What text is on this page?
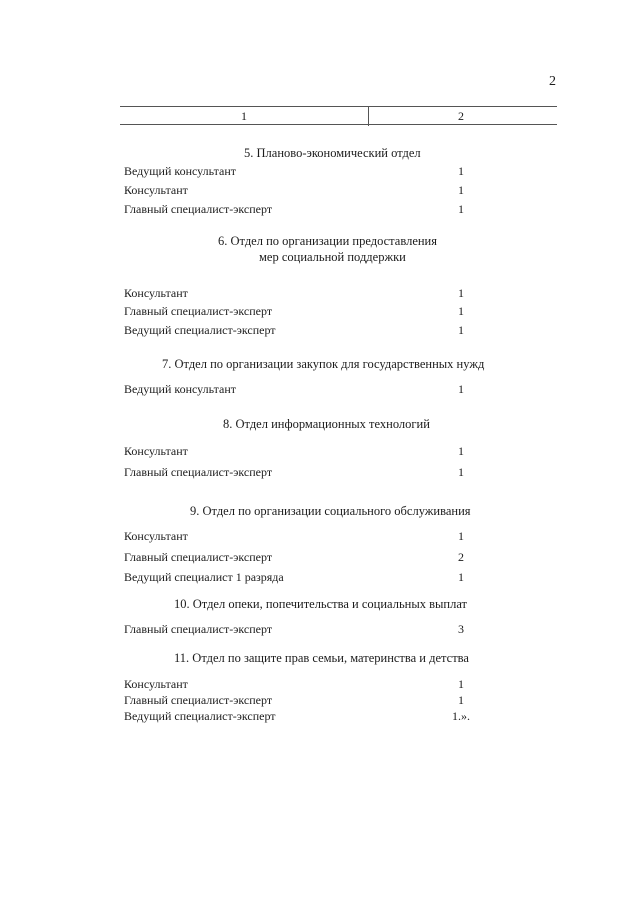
2
1	2
5. Планово-экономический отдел
Ведущий консультант	1
Консультант	1
Главный специалист-эксперт	1
6. Отдел по организации предоставления
мер социальной поддержки
Консультант	1
Главный специалист-эксперт	1
Ведущий специалист-эксперт	1
7. Отдел по организации закупок для государственных нужд
Ведущий консультант	1
8. Отдел информационных технологий
Консультант	1
Главный специалист-эксперт	1
9. Отдел по организации социального обслуживания
Консультант	1
Главный специалист-эксперт	2
Ведущий специалист 1 разряда	1
10. Отдел опеки, попечительства и социальных выплат
Главный специалист-эксперт	3
11. Отдел по защите прав семьи, материнства и детства
Консультант	1
Главный специалист-эксперт	1
Ведущий специалист-эксперт	1.».
